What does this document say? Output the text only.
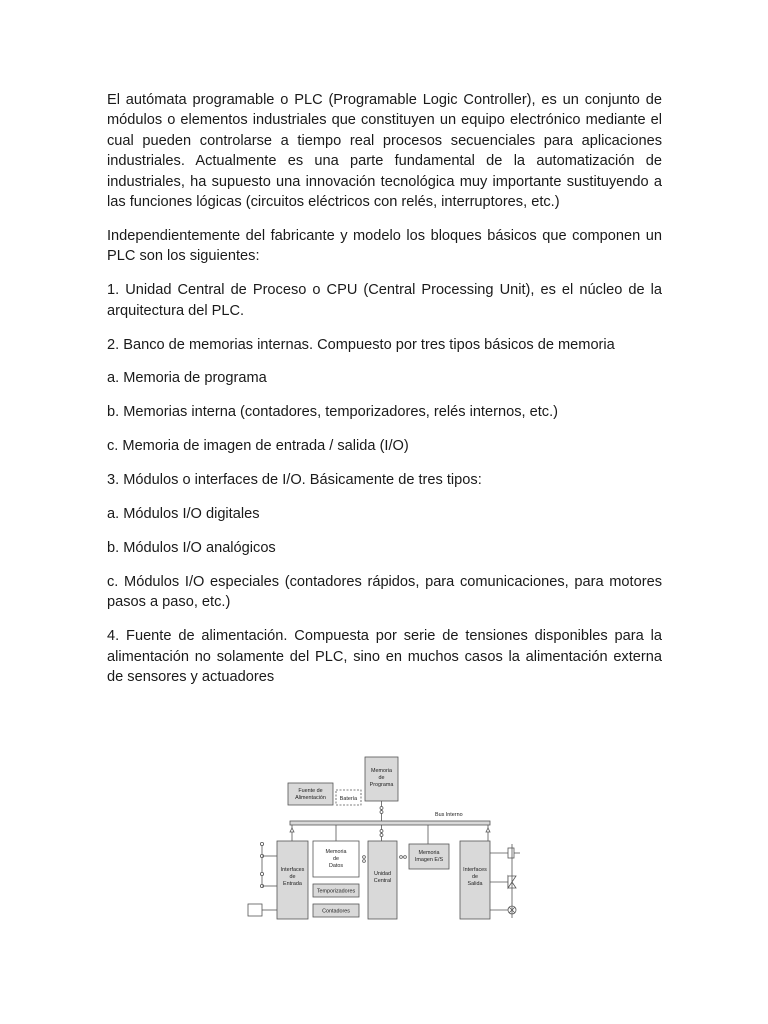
El autómata programable o PLC (Programable Logic Controller), es un conjunto de módulos o elementos industriales que constituyen un equipo electrónico mediante el cual pueden controlarse a tiempo real procesos secuenciales para aplicaciones industriales. Actualmente es una parte fundamental de la automatización de industriales, ha supuesto una innovación tecnológica muy importante sustituyendo a las funciones lógicas (circuitos eléctricos con relés, interruptores, etc.)

Independientemente del fabricante y modelo los bloques básicos que componen un PLC son los siguientes:

1. Unidad Central de Proceso o CPU (Central Processing Unit), es el núcleo de la arquitectura del PLC.

2. Banco de memorias internas. Compuesto por tres tipos básicos de memoria

a. Memoria de programa

b. Memorias interna (contadores, temporizadores, relés internos, etc.)

c. Memoria de imagen de entrada / salida (I/O)

3. Módulos o interfaces de I/O. Básicamente de tres tipos:

a. Módulos I/O digitales

b. Módulos I/O analógicos

c. Módulos I/O especiales (contadores rápidos, para comunicaciones, para motores pasos a paso, etc.)

4. Fuente de alimentación. Compuesta por serie de tensiones disponibles para la alimentación no solamente del PLC, sino en muchos casos la alimentación externa de sensores y actuadores

Memoria
de
Programa
Fuente de
Alimentación	Batería
Bus Interno
Interfaces
de
Entrada
Memoria
de
Datos
Temporizadores
Contadores
Unidad
Central
Memoria
Imagen E/S
Interfaces
de
Salida
